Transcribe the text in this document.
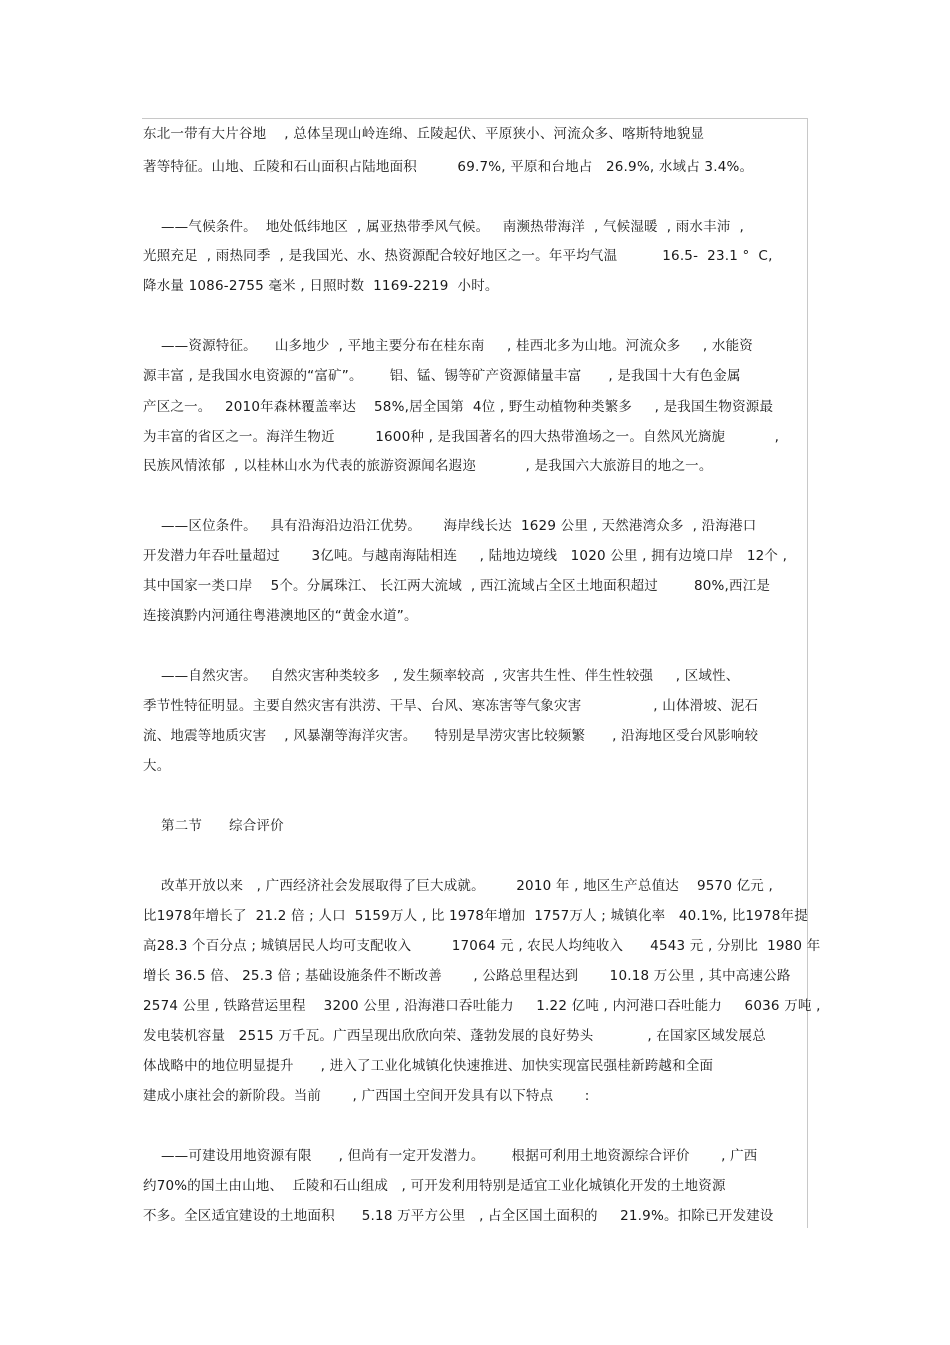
东北一带有大片谷地    , 总体呈现山岭连绵、丘陵起伏、平原狭小、河流众多、喀斯特地貌显
著等特征。山地、丘陵和石山面积占陆地面积         69.7%, 平原和台地占   26.9%, 水域占 3.4%。
——气候条件。  地处低纬地区  , 属亚热带季风气候。   南濒热带海洋  , 气候湿暖  , 雨水丰沛  ,
光照充足  , 雨热同季  , 是我国光、水、热资源配合较好地区之一。年平均气温          16.5-  23.1 °  C,
降水量 1086-2755 毫米 , 日照时数  1169-2219  小时。
——资源特征。    山多地少  , 平地主要分布在桂东南     , 桂西北多为山地。河流众多     , 水能资
源丰富 , 是我国水电资源的“富矿”。      铝、锰、锡等矿产资源储量丰富      , 是我国十大有色金属
产区之一。   2010年森林覆盖率达    58%,居全国第  4位 , 野生动植物种类繁多     , 是我国生物资源最
为丰富的省区之一。海洋生物近         1600种 , 是我国著名的四大热带渔场之一。自然风光旖旎           ,
民族风情浓郁  , 以桂林山水为代表的旅游资源闻名遐迩           , 是我国六大旅游目的地之一。
——区位条件。   具有沿海沿边沿江优势。     海岸线长达  1629 公里 , 天然港湾众多  , 沿海港口
开发潜力年吞吐量超过       3亿吨。与越南海陆相连     , 陆地边境线   1020 公里 , 拥有边境口岸   12个 ,
其中国家一类口岸    5个。分属珠江、 长江两大流域  , 西江流域占全区土地面积超过        80%,西江是
连接滇黔内河通往粤港澳地区的“黄金水道”。
——自然灾害。   自然灾害种类较多   , 发生频率较高  , 灾害共生性、伴生性较强     , 区域性、
季节性特征明显。主要自然灾害有洪涝、干旱、台风、寒冻害等气象灾害                , 山体滑坡、泥石
流、地震等地质灾害    , 风暴潮等海洋灾害。    特别是旱涝灾害比较频繁      , 沿海地区受台风影响较
大。
第二节      综合评价
改革开放以来   , 广西经济社会发展取得了巨大成就。       2010 年 , 地区生产总值达    9570 亿元 ,
比1978年增长了  21.2 倍 ; 人口  5159万人 , 比 1978年增加  1757万人 ; 城镇化率   40.1%, 比1978年提
高28.3 个百分点 ; 城镇居民人均可支配收入         17064 元 , 农民人均纯收入      4543 元 , 分别比  1980 年
增长 36.5 倍、 25.3 倍 ; 基础设施条件不断改善       , 公路总里程达到       10.18 万公里 , 其中高速公路
2574 公里 , 铁路营运里程    3200 公里 , 沿海港口吞吐能力     1.22 亿吨 , 内河港口吞吐能力     6036 万吨 ,
发电装机容量   2515 万千瓦。广西呈现出欣欣向荣、蓬勃发展的良好势头            , 在国家区域发展总
体战略中的地位明显提升      , 进入了工业化城镇化快速推进、加快实现富民强桂新跨越和全面
建成小康社会的新阶段。当前       , 广西国土空间开发具有以下特点       :
——可建设用地资源有限      , 但尚有一定开发潜力。      根据可利用土地资源综合评价       , 广西
约70%的国土由山地、  丘陵和石山组成   , 可开发利用特别是适宜工业化城镇化开发的土地资源
不多。全区适宜建设的土地面积      5.18 万平方公里   , 占全区国土面积的     21.9%。扣除已开发建设
